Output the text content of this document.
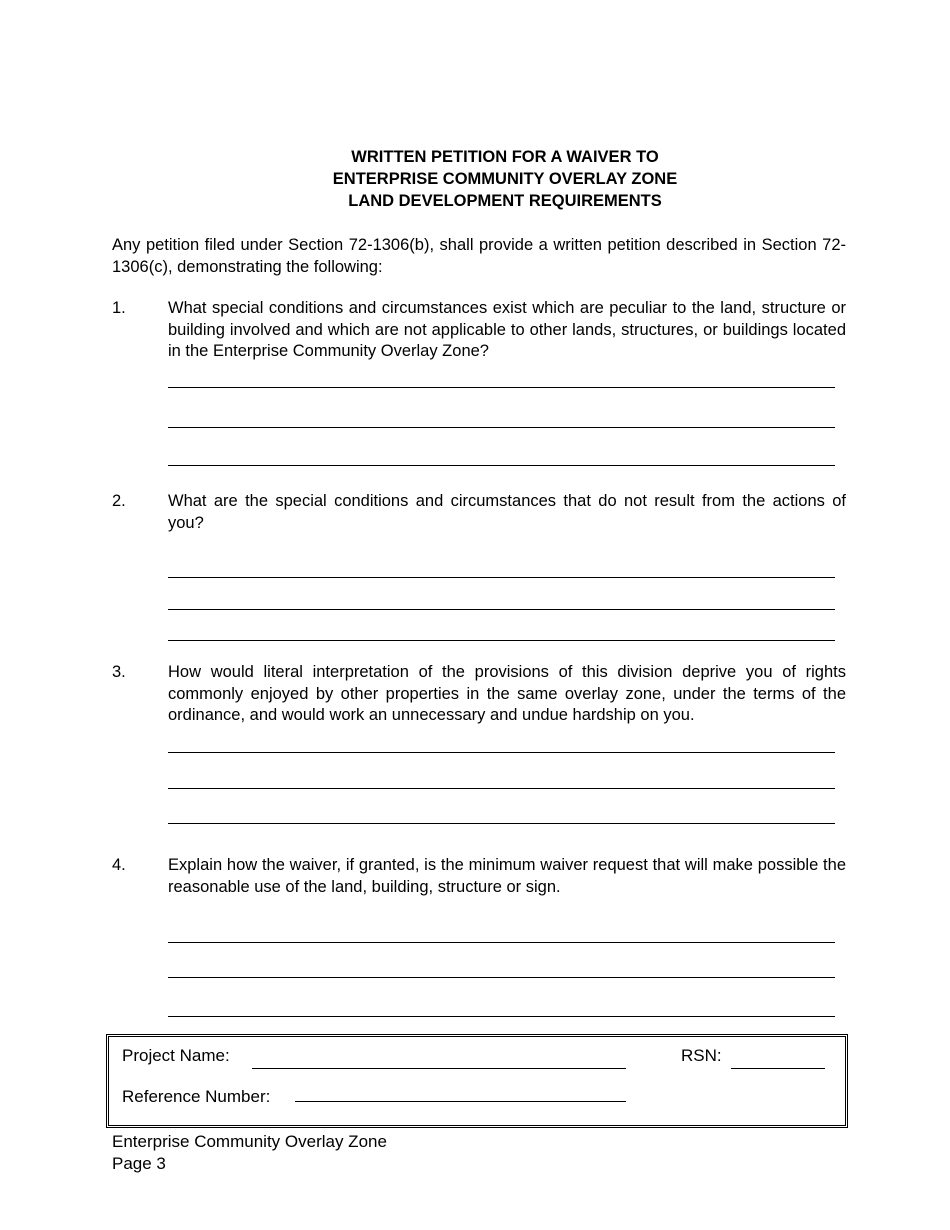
WRITTEN PETITION FOR A WAIVER TO
ENTERPRISE COMMUNITY OVERLAY ZONE
LAND DEVELOPMENT REQUIREMENTS
Any petition filed under Section 72-1306(b), shall provide a written petition described in Section 72-1306(c), demonstrating the following:
1.	What special conditions and circumstances exist which are peculiar to the land, structure or building involved and which are not applicable to other lands, structures, or buildings located in the Enterprise Community Overlay Zone?
2.	What are the special conditions and circumstances that do not result from the actions of you?
3.	How would literal interpretation of the provisions of this division deprive you of rights commonly enjoyed by other properties in the same overlay zone, under the terms of the ordinance, and would work an unnecessary and undue hardship on you.
4.	Explain how the waiver, if granted, is the minimum waiver request that will make possible the reasonable use of the land, building, structure or sign.
Project Name:	RSN:
Reference Number:
Enterprise Community Overlay Zone
Page 3
